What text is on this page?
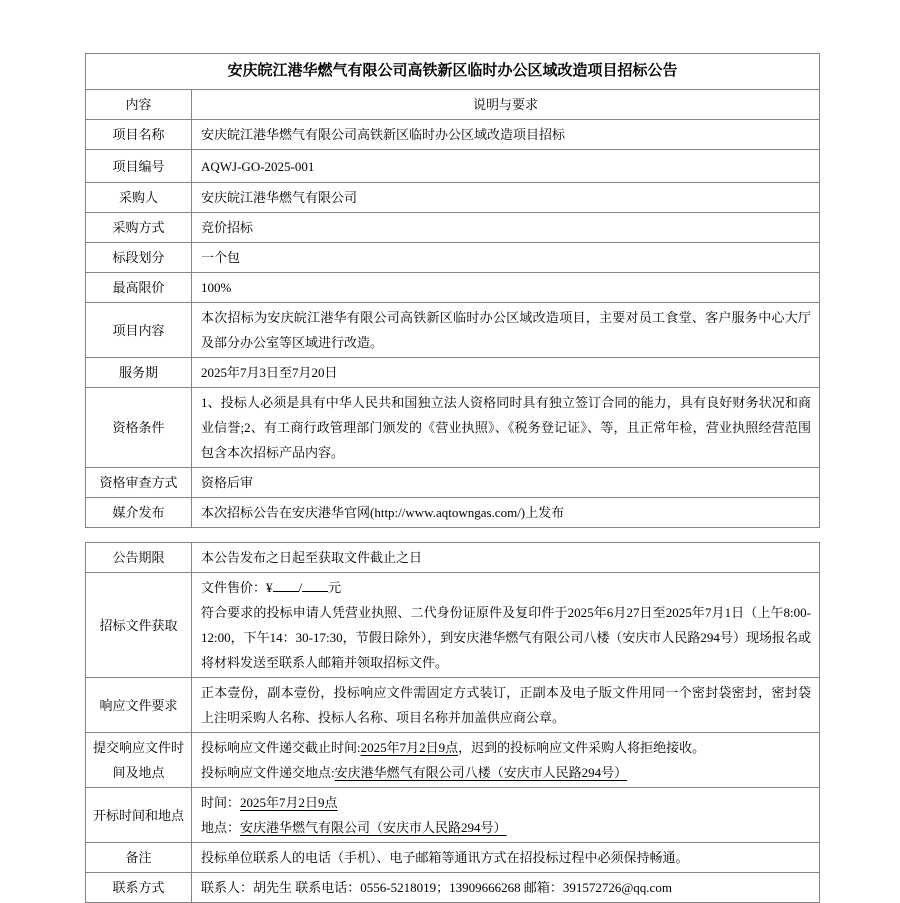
安庆皖江港华燃气有限公司高铁新区临时办公区域改造项目招标公告	
内容	说明与要求
项目名称	安庆皖江港华燃气有限公司高铁新区临时办公区域改造项目招标
项目编号	AQWJ-GO-2025-001
采购人	安庆皖江港华燃气有限公司
采购方式	竞价招标
标段划分	一个包
最高限价	100%
项目内容	本次招标为安庆皖江港华有限公司高铁新区临时办公区域改造项目，主要对员工食堂、客户服务中心大厅及部分办公室等区域进行改造。
服务期	2025年7月3日至7月20日
资格条件	1、投标人必须是具有中华人民共和国独立法人资格同时具有独立签订合同的能力，具有良好财务状况和商业信誉;2、有工商行政管理部门颁发的《营业执照》、《税务登记证》、等，且正常年检，营业执照经营范围包含本次招标产品内容。
资格审查方式	资格后审
媒介发布	本次招标公告在安庆港华官网(http://www.aqtowngas.com/)上发布
公告期限	本公告发布之日起至获取文件截止之日
招标文件获取	文件售价：¥ / 元
符合要求的投标申请人凭营业执照、二代身份证原件及复印件于2025年6月27日至2025年7月1日（上午8:00-12:00，下午14：30-17:30，节假日除外），到安庆港华燃气有限公司八楼（安庆市人民路294号）现场报名或将材料发送至联系人邮箱并领取招标文件。

响应文件要求	正本壹份，副本壹份，投标响应文件需固定方式装订，正副本及电子版文件用同一个密封袋密封，密封袋上注明采购人名称、投标人名称、项目名称并加盖供应商公章。
提交响应文件时间及地点	投标响应文件递交截止时间:2025年7月2日9点，迟到的投标响应文件采购人将拒绝接收。
投标响应文件递交地点:安庆港华燃气有限公司八楼（安庆市人民路294号）

开标时间和地点	时间：2025年7月2日9点
地点：安庆港华燃气有限公司（安庆市人民路294号）

备注	投标单位联系人的电话（手机）、电子邮箱等通讯方式在招投标过程中必须保持畅通。
联系方式	联系人：胡先生 联系电话：0556-5218019；13909666268 邮箱：391572726@qq.com
